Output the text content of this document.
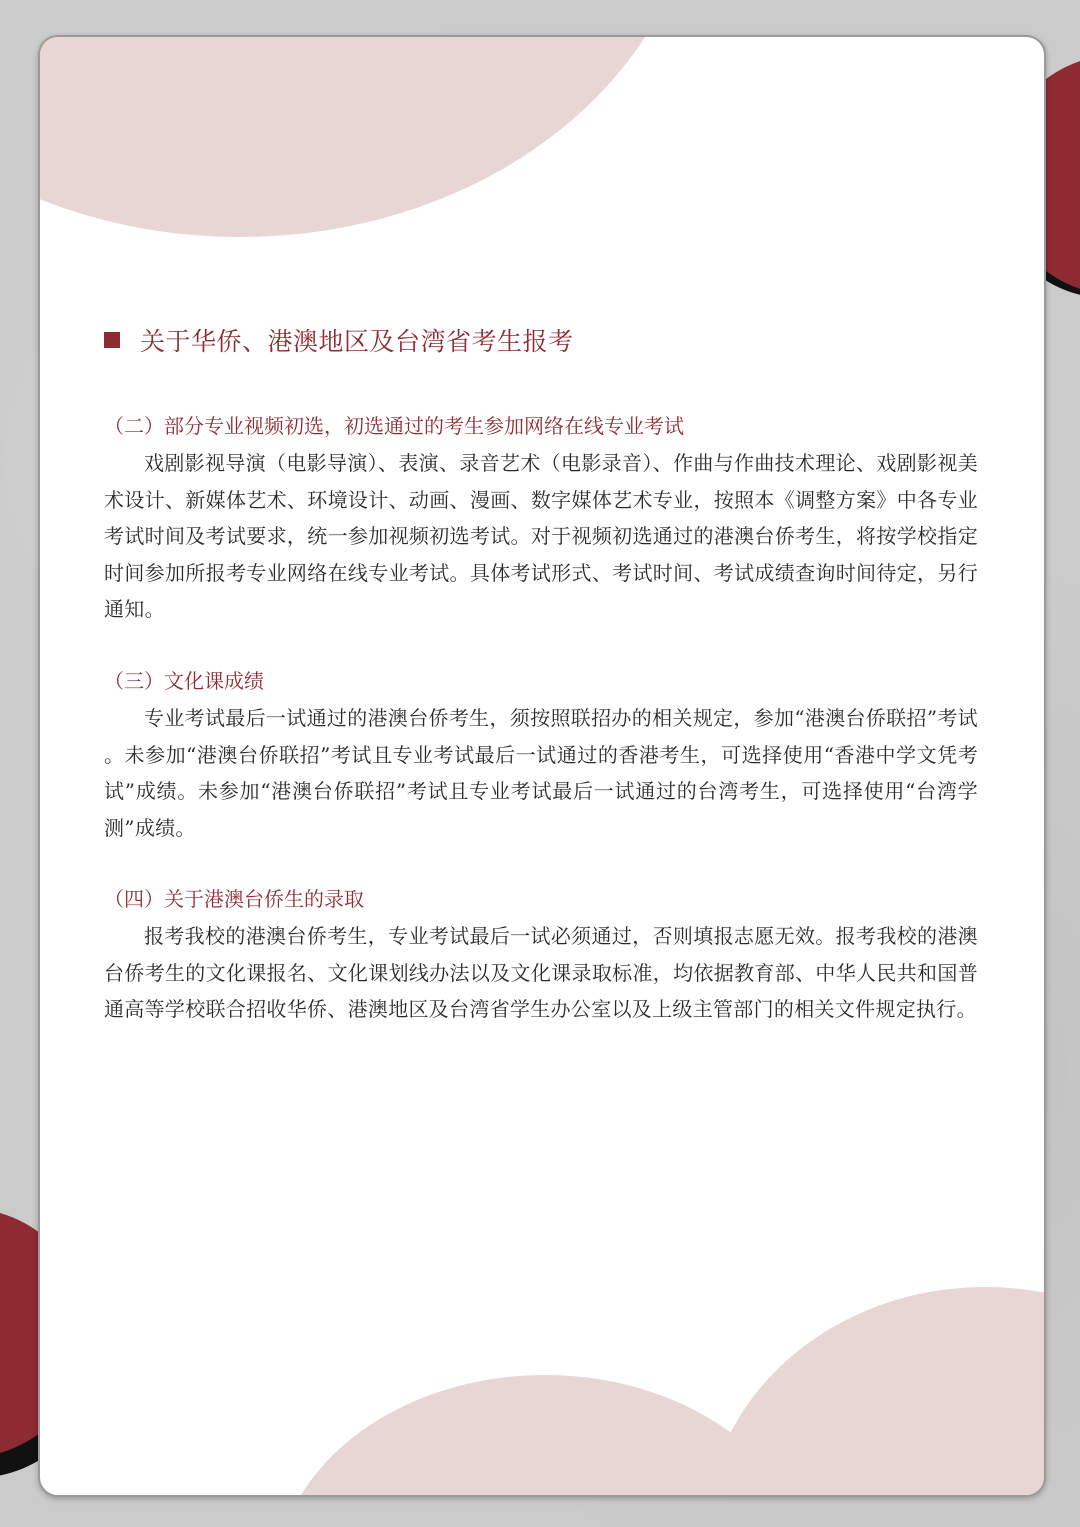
关于华侨、港澳地区及台湾省考生报考
（二）部分专业视频初选，初选通过的考生参加网络在线专业考试
戏剧影视导演（电影导演）、表演、录音艺术（电影录音）、作曲与作曲技术理论、戏剧影视美术设计、新媒体艺术、环境设计、动画、漫画、数字媒体艺术专业，按照本《调整方案》中各专业考试时间及考试要求，统一参加视频初选考试。对于视频初选通过的港澳台侨考生，将按学校指定时间参加所报考专业网络在线专业考试。具体考试形式、考试时间、考试成绩查询时间待定，另行通知。
（三）文化课成绩
专业考试最后一试通过的港澳台侨考生，须按照联招办的相关规定，参加“港澳台侨联招”考试 。未参加“港澳台侨联招”考试且专业考试最后一试通过的香港考生，可选择使用“香港中学文凭考试”成绩。未参加“港澳台侨联招”考试且专业考试最后一试通过的台湾考生，可选择使用“台湾学测”成绩。
（四）关于港澳台侨生的录取
报考我校的港澳台侨考生，专业考试最后一试必须通过，否则填报志愿无效。报考我校的港澳台侨考生的文化课报名、文化课划线办法以及文化课录取标准，均依据教育部、中华人民共和国普通高等学校联合招收华侨、港澳地区及台湾省学生办公室以及上级主管部门的相关文件规定执行。
